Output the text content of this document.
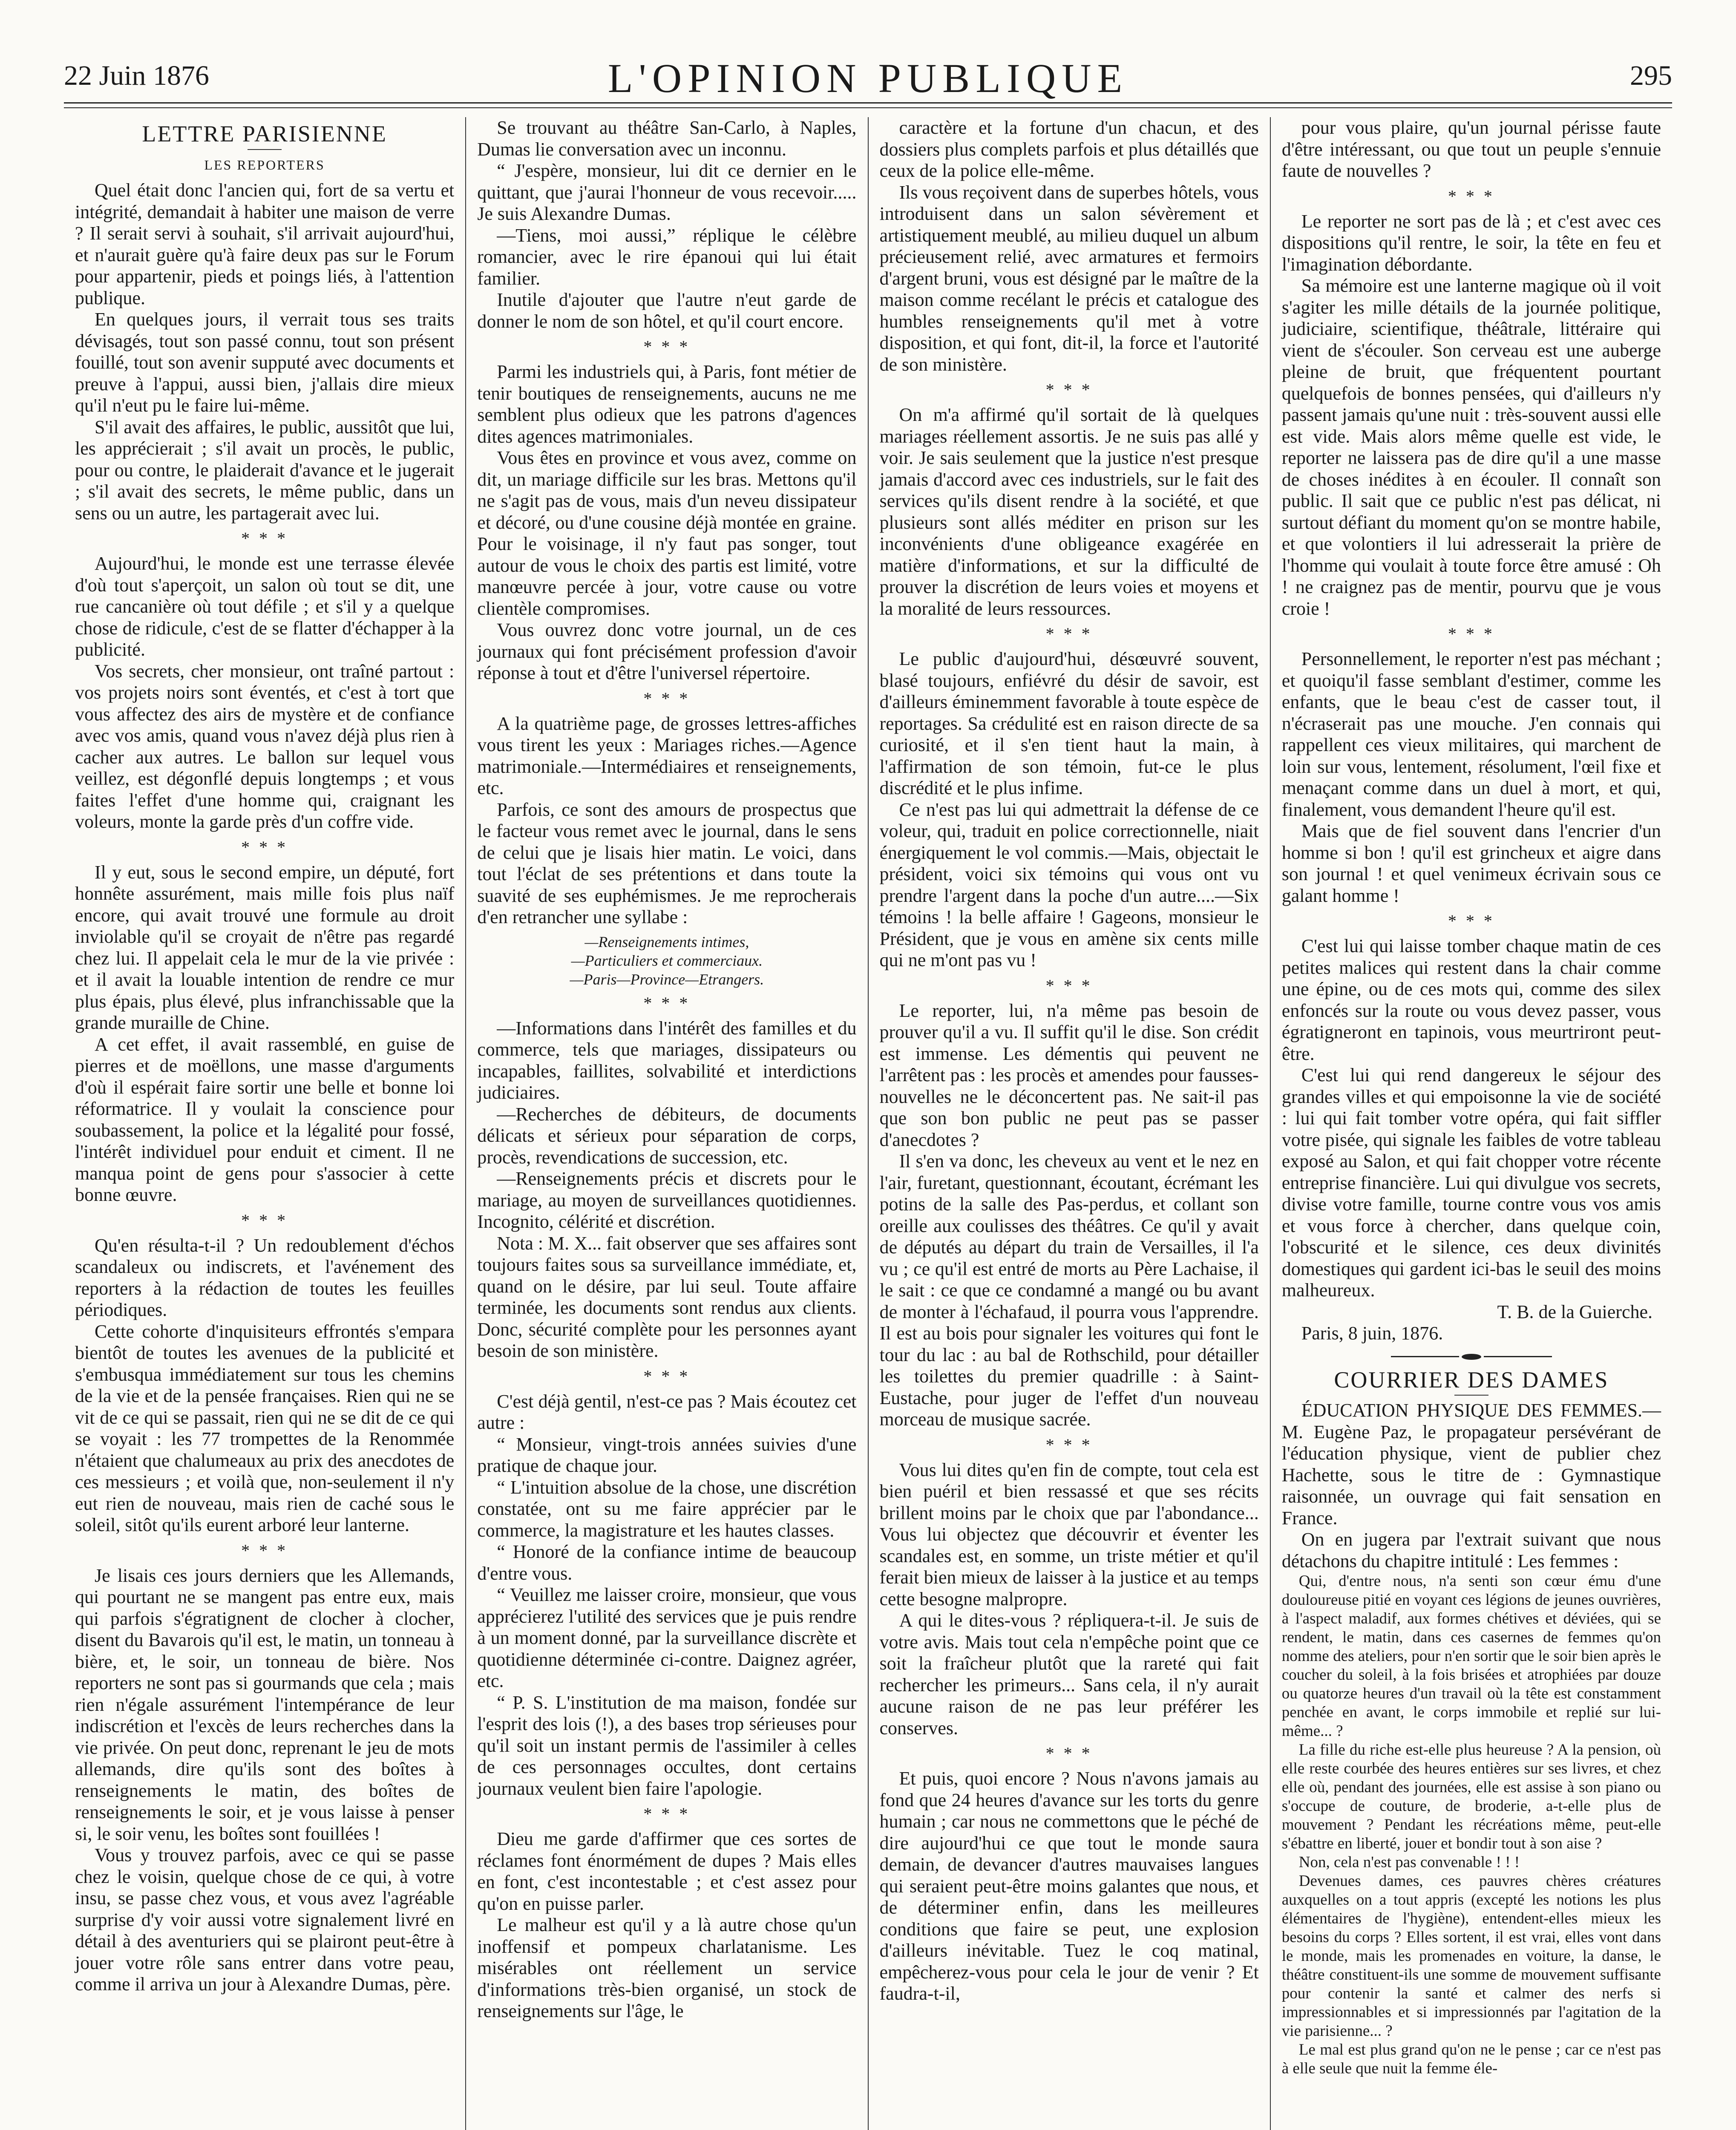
22 Juin 1876	L'OPINION PUBLIQUE	295
LETTRE PARISIENNE
LES REPORTERS

Quel était donc l'ancien qui, fort de sa vertu et intégrité, demandait à habiter une maison de verre ? Il serait servi à souhait, s'il arrivait aujourd'hui, et n'aurait guère qu'à faire deux pas sur le Forum pour appartenir, pieds et poings liés, à l'attention publique.

En quelques jours, il verrait tous ses traits dévisagés, tout son passé connu, tout son présent fouillé, tout son avenir supputé avec documents et preuve à l'appui, aussi bien, j'allais dire mieux qu'il n'eut pu le faire lui-même.

S'il avait des affaires, le public, aussitôt que lui, les apprécierait ; s'il avait un procès, le public, pour ou contre, le plaiderait d'avance et le jugerait ; s'il avait des secrets, le même public, dans un sens ou un autre, les partagerait avec lui.

* * *

Aujourd'hui, le monde est une terrasse élevée d'où tout s'aperçoit, un salon où tout se dit, une rue cancanière où tout défile ; et s'il y a quelque chose de ridicule, c'est de se flatter d'échapper à la publicité.

Vos secrets, cher monsieur, ont traîné partout : vos projets noirs sont éventés, et c'est à tort que vous affectez des airs de mystère et de confiance avec vos amis, quand vous n'avez déjà plus rien à cacher aux autres. Le ballon sur lequel vous veillez, est dégonflé depuis longtemps ; et vous faites l'effet d'une homme qui, craignant les voleurs, monte la garde près d'un coffre vide.

* * *

Il y eut, sous le second empire, un député, fort honnête assurément, mais mille fois plus naïf encore, qui avait trouvé une formule au droit inviolable qu'il se croyait de n'être pas regardé chez lui. Il appelait cela le mur de la vie privée : et il avait la louable intention de rendre ce mur plus épais, plus élevé, plus infranchissable que la grande muraille de Chine.

A cet effet, il avait rassemblé, en guise de pierres et de moëllons, une masse d'arguments d'où il espérait faire sortir une belle et bonne loi réformatrice. Il y voulait la conscience pour soubassement, la police et la légalité pour fossé, l'intérêt individuel pour enduit et ciment. Il ne manqua point de gens pour s'associer à cette bonne œuvre.

* * *

Qu'en résulta-t-il ? Un redoublement d'échos scandaleux ou indiscrets, et l'avénement des reporters à la rédaction de toutes les feuilles périodiques.

Cette cohorte d'inquisiteurs effrontés s'empara bientôt de toutes les avenues de la publicité et s'embusqua immédiatement sur tous les chemins de la vie et de la pensée françaises. Rien qui ne se vit de ce qui se passait, rien qui ne se dit de ce qui se voyait : les 77 trompettes de la Renommée n'étaient que chalumeaux au prix des anecdotes de ces messieurs ; et voilà que, non-seulement il n'y eut rien de nouveau, mais rien de caché sous le soleil, sitôt qu'ils eurent arboré leur lanterne.

* * *

Je lisais ces jours derniers que les Allemands, qui pourtant ne se mangent pas entre eux, mais qui parfois s'égratignent de clocher à clocher, disent du Bavarois qu'il est, le matin, un tonneau à bière, et, le soir, un tonneau de bière. Nos reporters ne sont pas si gourmands que cela ; mais rien n'égale assurément l'intempérance de leur indiscrétion et l'excès de leurs recherches dans la vie privée. On peut donc, reprenant le jeu de mots allemands, dire qu'ils sont des boîtes à renseignements le matin, des boîtes de renseignements le soir, et je vous laisse à penser si, le soir venu, les boîtes sont fouillées !

Vous y trouvez parfois, avec ce qui se passe chez le voisin, quelque chose de ce qui, à votre insu, se passe chez vous, et vous avez l'agréable surprise d'y voir aussi votre signalement livré en détail à des aventuriers qui se plairont peut-être à jouer votre rôle sans entrer dans votre peau, comme il arriva un jour à Alexandre Dumas, père.

Se trouvant au théâtre San-Carlo, à Naples, Dumas lie conversation avec un inconnu.

“ J'espère, monsieur, lui dit ce dernier en le quittant, que j'aurai l'honneur de vous recevoir..... Je suis Alexandre Dumas.

—Tiens, moi aussi,” réplique le célèbre romancier, avec le rire épanoui qui lui était familier.

Inutile d'ajouter que l'autre n'eut garde de donner le nom de son hôtel, et qu'il court encore.

* * *

Parmi les industriels qui, à Paris, font métier de tenir boutiques de renseignements, aucuns ne me semblent plus odieux que les patrons d'agences dites agences matrimoniales.

Vous êtes en province et vous avez, comme on dit, un mariage difficile sur les bras. Mettons qu'il ne s'agit pas de vous, mais d'un neveu dissipateur et décoré, ou d'une cousine déjà montée en graine. Pour le voisinage, il n'y faut pas songer, tout autour de vous le choix des partis est limité, votre manœuvre percée à jour, votre cause ou votre clientèle compromises.

Vous ouvrez donc votre journal, un de ces journaux qui font précisément profession d'avoir réponse à tout et d'être l'universel répertoire.

* * *

A la quatrième page, de grosses lettres-affiches vous tirent les yeux : Mariages riches.—Agence matrimoniale.—Intermédiaires et renseignements, etc.

Parfois, ce sont des amours de prospectus que le facteur vous remet avec le journal, dans le sens de celui que je lisais hier matin. Le voici, dans tout l'éclat de ses prétentions et dans toute la suavité de ses euphémismes. Je me reprocherais d'en retrancher une syllabe :

—Renseignements intimes,
—Particuliers et commerciaux.
—Paris—Province—Etrangers.
* * *

—Informations dans l'intérêt des familles et du commerce, tels que mariages, dissipateurs ou incapables, faillites, solvabilité et interdictions judiciaires.

—Recherches de débiteurs, de documents délicats et sérieux pour séparation de corps, procès, revendications de succession, etc.

—Renseignements précis et discrets pour le mariage, au moyen de surveillances quotidiennes. Incognito, célérité et discrétion.

Nota : M. X... fait observer que ses affaires sont toujours faites sous sa surveillance immédiate, et, quand on le désire, par lui seul. Toute affaire terminée, les documents sont rendus aux clients. Donc, sécurité complète pour les personnes ayant besoin de son ministère.

* * *

C'est déjà gentil, n'est-ce pas ? Mais écoutez cet autre :

“ Monsieur, vingt-trois années suivies d'une pratique de chaque jour.

“ L'intuition absolue de la chose, une discrétion constatée, ont su me faire apprécier par le commerce, la magistrature et les hautes classes.

“ Honoré de la confiance intime de beaucoup d'entre vous.

“ Veuillez me laisser croire, monsieur, que vous apprécierez l'utilité des services que je puis rendre à un moment donné, par la surveillance discrète et quotidienne déterminée ci-contre. Daignez agréer, etc.

“ P. S. L'institution de ma maison, fondée sur l'esprit des lois (!), a des bases trop sérieuses pour qu'il soit un instant permis de l'assimiler à celles de ces personnages occultes, dont certains journaux veulent bien faire l'apologie.

* * *

Dieu me garde d'affirmer que ces sortes de réclames font énormément de dupes ? Mais elles en font, c'est incontestable ; et c'est assez pour qu'on en puisse parler.

Le malheur est qu'il y a là autre chose qu'un inoffensif et pompeux charlatanisme. Les misérables ont réellement un service d'informations très-bien organisé, un stock de renseignements sur l'âge, le

caractère et la fortune d'un chacun, et des dossiers plus complets parfois et plus détaillés que ceux de la police elle-même.

Ils vous reçoivent dans de superbes hôtels, vous introduisent dans un salon sévèrement et artistiquement meublé, au milieu duquel un album précieusement relié, avec armatures et fermoirs d'argent bruni, vous est désigné par le maître de la maison comme recélant le précis et catalogue des humbles renseignements qu'il met à votre disposition, et qui font, dit-il, la force et l'autorité de son ministère.

* * *

On m'a affirmé qu'il sortait de là quelques mariages réellement assortis. Je ne suis pas allé y voir. Je sais seulement que la justice n'est presque jamais d'accord avec ces industriels, sur le fait des services qu'ils disent rendre à la société, et que plusieurs sont allés méditer en prison sur les inconvénients d'une obligeance exagérée en matière d'informations, et sur la difficulté de prouver la discrétion de leurs voies et moyens et la moralité de leurs ressources.

* * *

Le public d'aujourd'hui, désœuvré souvent, blasé toujours, enfiévré du désir de savoir, est d'ailleurs éminemment favorable à toute espèce de reportages. Sa crédulité est en raison directe de sa curiosité, et il s'en tient haut la main, à l'affirmation de son témoin, fut-ce le plus discrédité et le plus infime.

Ce n'est pas lui qui admettrait la défense de ce voleur, qui, traduit en police correctionnelle, niait énergiquement le vol commis.—Mais, objectait le président, voici six témoins qui vous ont vu prendre l'argent dans la poche d'un autre....—Six témoins ! la belle affaire ! Gageons, monsieur le Président, que je vous en amène six cents mille qui ne m'ont pas vu !

* * *

Le reporter, lui, n'a même pas besoin de prouver qu'il a vu. Il suffit qu'il le dise. Son crédit est immense. Les démentis qui peuvent ne l'arrêtent pas : les procès et amendes pour fausses-nouvelles ne le déconcertent pas. Ne sait-il pas que son bon public ne peut pas se passer d'anecdotes ?

Il s'en va donc, les cheveux au vent et le nez en l'air, furetant, questionnant, écoutant, écrémant les potins de la salle des Pas-perdus, et collant son oreille aux coulisses des théâtres. Ce qu'il y avait de députés au départ du train de Versailles, il l'a vu ; ce qu'il est entré de morts au Père Lachaise, il le sait : ce que ce condamné a mangé ou bu avant de monter à l'échafaud, il pourra vous l'apprendre. Il est au bois pour signaler les voitures qui font le tour du lac : au bal de Rothschild, pour détailler les toilettes du premier quadrille : à Saint-Eustache, pour juger de l'effet d'un nouveau morceau de musique sacrée.

* * *

Vous lui dites qu'en fin de compte, tout cela est bien puéril et bien ressassé et que ses récits brillent moins par le choix que par l'abondance... Vous lui objectez que découvrir et éventer les scandales est, en somme, un triste métier et qu'il ferait bien mieux de laisser à la justice et au temps cette besogne malpropre.

A qui le dites-vous ? répliquera-t-il. Je suis de votre avis. Mais tout cela n'empêche point que ce soit la fraîcheur plutôt que la rareté qui fait rechercher les primeurs... Sans cela, il n'y aurait aucune raison de ne pas leur préférer les conserves.

* * *

Et puis, quoi encore ? Nous n'avons jamais au fond que 24 heures d'avance sur les torts du genre humain ; car nous ne commettons que le péché de dire aujourd'hui ce que tout le monde saura demain, de devancer d'autres mauvaises langues qui seraient peut-être moins galantes que nous, et de déterminer enfin, dans les meilleures conditions que faire se peut, une explosion d'ailleurs inévitable. Tuez le coq matinal, empêcherez-vous pour cela le jour de venir ? Et faudra-t-il,

pour vous plaire, qu'un journal périsse faute d'être intéressant, ou que tout un peuple s'ennuie faute de nouvelles ?

* * *

Le reporter ne sort pas de là ; et c'est avec ces dispositions qu'il rentre, le soir, la tête en feu et l'imagination débordante.

Sa mémoire est une lanterne magique où il voit s'agiter les mille détails de la journée politique, judiciaire, scientifique, théâtrale, littéraire qui vient de s'écouler. Son cerveau est une auberge pleine de bruit, que fréquentent pourtant quelquefois de bonnes pensées, qui d'ailleurs n'y passent jamais qu'une nuit : très-souvent aussi elle est vide. Mais alors même quelle est vide, le reporter ne laissera pas de dire qu'il a une masse de choses inédites à en écouler. Il connaît son public. Il sait que ce public n'est pas délicat, ni surtout défiant du moment qu'on se montre habile, et que volontiers il lui adresserait la prière de l'homme qui voulait à toute force être amusé : Oh ! ne craignez pas de mentir, pourvu que je vous croie !

* * *

Personnellement, le reporter n'est pas méchant ; et quoiqu'il fasse semblant d'estimer, comme les enfants, que le beau c'est de casser tout, il n'écraserait pas une mouche. J'en connais qui rappellent ces vieux militaires, qui marchent de loin sur vous, lentement, résolument, l'œil fixe et menaçant comme dans un duel à mort, et qui, finalement, vous demandent l'heure qu'il est.

Mais que de fiel souvent dans l'encrier d'un homme si bon ! qu'il est grincheux et aigre dans son journal ! et quel venimeux écrivain sous ce galant homme !

* * *

C'est lui qui laisse tomber chaque matin de ces petites malices qui restent dans la chair comme une épine, ou de ces mots qui, comme des silex enfoncés sur la route ou vous devez passer, vous égratigneront en tapinois, vous meurtriront peut-être.

C'est lui qui rend dangereux le séjour des grandes villes et qui empoisonne la vie de société : lui qui fait tomber votre opéra, qui fait siffler votre pisée, qui signale les faibles de votre tableau exposé au Salon, et qui fait chopper votre récente entreprise financière. Lui qui divulgue vos secrets, divise votre famille, tourne contre vous vos amis et vous force à chercher, dans quelque coin, l'obscurité et le silence, ces deux divinités domestiques qui gardent ici-bas le seuil des moins malheureux.

T. B. de la Guierche.

Paris, 8 juin, 1876.

COURRIER DES DAMES

ÉDUCATION PHYSIQUE DES FEMMES.—M. Eugène Paz, le propagateur persévérant de l'éducation physique, vient de publier chez Hachette, sous le titre de : Gymnastique raisonnée, un ouvrage qui fait sensation en France.

On en jugera par l'extrait suivant que nous détachons du chapitre intitulé : Les femmes :

Qui, d'entre nous, n'a senti son cœur ému d'une douloureuse pitié en voyant ces légions de jeunes ouvrières, à l'aspect maladif, aux formes chétives et déviées, qui se rendent, le matin, dans ces casernes de femmes qu'on nomme des ateliers, pour n'en sortir que le soir bien après le coucher du soleil, à la fois brisées et atrophiées par douze ou quatorze heures d'un travail où la tête est constamment penchée en avant, le corps immobile et replié sur lui-même... ?

La fille du riche est-elle plus heureuse ? A la pension, où elle reste courbée des heures entières sur ses livres, et chez elle où, pendant des journées, elle est assise à son piano ou s'occupe de couture, de broderie, a-t-elle plus de mouvement ? Pendant les récréations même, peut-elle s'ébattre en liberté, jouer et bondir tout à son aise ?

Non, cela n'est pas convenable ! ! !

Devenues dames, ces pauvres chères créatures auxquelles on a tout appris (excepté les notions les plus élémentaires de l'hygiène), entendent-elles mieux les besoins du corps ? Elles sortent, il est vrai, elles vont dans le monde, mais les promenades en voiture, la danse, le théâtre constituent-ils une somme de mouvement suffisante pour contenir la santé et calmer des nerfs si impressionnables et si impressionnés par l'agitation de la vie parisienne... ?

Le mal est plus grand qu'on ne le pense ; car ce n'est pas à elle seule que nuit la femme éle-
